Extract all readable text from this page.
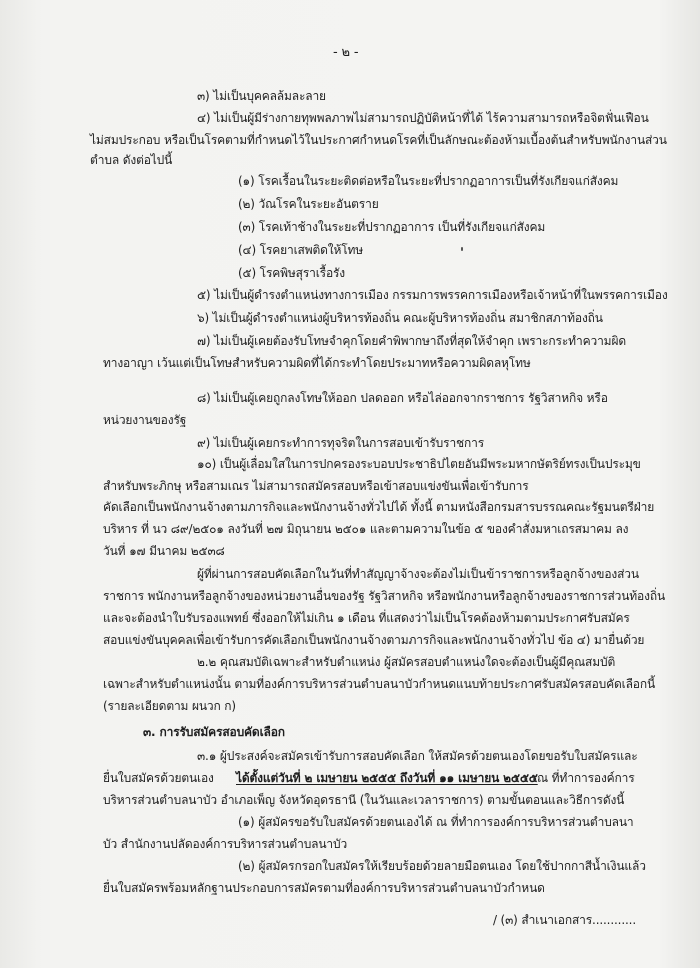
- ๒ -
๓) ไม่เป็นบุคคลล้มละลาย
๔) ไม่เป็นผู้มีร่างกายทุพพลภาพไม่สามารถปฏิบัติหน้าที่ได้ ไร้ความสามารถหรือจิตฟั่นเฟือน
ไม่สมประกอบ หรือเป็นโรคตามที่กำหนดไว้ในประกาศกำหนดโรคที่เป็นลักษณะต้องห้ามเบื้องต้นสำหรับพนักงานส่วน
ตำบล ดังต่อไปนี้
(๑) โรคเรื้อนในระยะติดต่อหรือในระยะที่ปรากฏอาการเป็นที่รังเกียจแก่สังคม
(๒) วัณโรคในระยะอันตราย
(๓) โรคเท้าช้างในระยะที่ปรากฏอาการ เป็นที่รังเกียจแก่สังคม
(๔) โรคยาเสพติดให้โทษ
(๕) โรคพิษสุราเรื้อรัง
๕) ไม่เป็นผู้ดำรงตำแหน่งทางการเมือง กรรมการพรรคการเมืองหรือเจ้าหน้าที่ในพรรคการเมือง
๖) ไม่เป็นผู้ดำรงตำแหน่งผู้บริหารท้องถิ่น คณะผู้บริหารท้องถิ่น สมาชิกสภาท้องถิ่น
๗) ไม่เป็นผู้เคยต้องรับโทษจำคุกโดยคำพิพากษาถึงที่สุดให้จำคุก เพราะกระทำความผิด
ทางอาญา เว้นแต่เป็นโทษสำหรับความผิดที่ได้กระทำโดยประมาทหรือความผิดลหุโทษ
๘) ไม่เป็นผู้เคยถูกลงโทษให้ออก ปลดออก หรือไล่ออกจากราชการ รัฐวิสาหกิจ หรือ
หน่วยงานของรัฐ
๙) ไม่เป็นผู้เคยกระทำการทุจริตในการสอบเข้ารับราชการ
๑๐) เป็นผู้เลื่อมใสในการปกครองระบอบประชาธิปไตยอันมีพระมหากษัตริย์ทรงเป็นประมุข
สำหรับพระภิกษุ หรือสามเณร ไม่สามารถสมัครสอบหรือเข้าสอบแข่งขันเพื่อเข้ารับการ
คัดเลือกเป็นพนักงานจ้างตามภารกิจและพนักงานจ้างทั่วไปได้ ทั้งนี้ ตามหนังสือกรมสารบรรณคณะรัฐมนตรีฝ่าย
บริหาร ที่ นว ๘๙/๒๕๐๑ ลงวันที่ ๒๗ มิถุนายน ๒๕๐๑ และตามความในข้อ ๕ ของคำสั่งมหาเถรสมาคม ลง
วันที่ ๑๗ มีนาคม ๒๕๓๘
ผู้ที่ผ่านการสอบคัดเลือกในวันที่ทำสัญญาจ้างจะต้องไม่เป็นข้าราชการหรือลูกจ้างของส่วน
ราชการ พนักงานหรือลูกจ้างของหน่วยงานอื่นของรัฐ รัฐวิสาหกิจ หรือพนักงานหรือลูกจ้างของราชการส่วนท้องถิ่น
และจะต้องนำใบรับรองแพทย์ ซึ่งออกให้ไม่เกิน ๑ เดือน ที่แสดงว่าไม่เป็นโรคต้องห้ามตามประกาศรับสมัคร
สอบแข่งขันบุคคลเพื่อเข้ารับการคัดเลือกเป็นพนักงานจ้างตามภารกิจและพนักงานจ้างทั่วไป ข้อ ๔) มายื่นด้วย
๒.๒ คุณสมบัติเฉพาะสำหรับตำแหน่ง ผู้สมัครสอบตำแหน่งใดจะต้องเป็นผู้มีคุณสมบัติ
เฉพาะสำหรับตำแหน่งนั้น ตามที่องค์การบริหารส่วนตำบลนาบัวกำหนดแนบท้ายประกาศรับสมัครสอบคัดเลือกนี้
(รายละเอียดตาม ผนวก ก)
๓. การรับสมัครสอบคัดเลือก
๓.๑ ผู้ประสงค์จะสมัครเข้ารับการสอบคัดเลือก ให้สมัครด้วยตนเองโดยขอรับใบสมัครและ
ยื่นใบสมัครด้วยตนเอง ได้ตั้งแต่วันที่ ๒ เมษายน ๒๕๕๕ ถึงวันที่ ๑๑ เมษายน ๒๕๕๕ ณ ที่ทำการองค์การ
บริหารส่วนตำบลนาบัว อำเภอเพ็ญ จังหวัดอุดรธานี (ในวันและเวลาราชการ) ตามขั้นตอนและวิธีการดังนี้
(๑) ผู้สมัครขอรับใบสมัครด้วยตนเองได้ ณ ที่ทำการองค์การบริหารส่วนตำบลนา
บัว สำนักงานปลัดองค์การบริหารส่วนตำบลนาบัว
(๒) ผู้สมัครกรอกใบสมัครให้เรียบร้อยด้วยลายมือตนเอง โดยใช้ปากกาสีน้ำเงินแล้ว
ยื่นใบสมัครพร้อมหลักฐานประกอบการสมัครตามที่องค์การบริหารส่วนตำบลนาบัวกำหนด
/ (๓) สำเนาเอกสาร............
